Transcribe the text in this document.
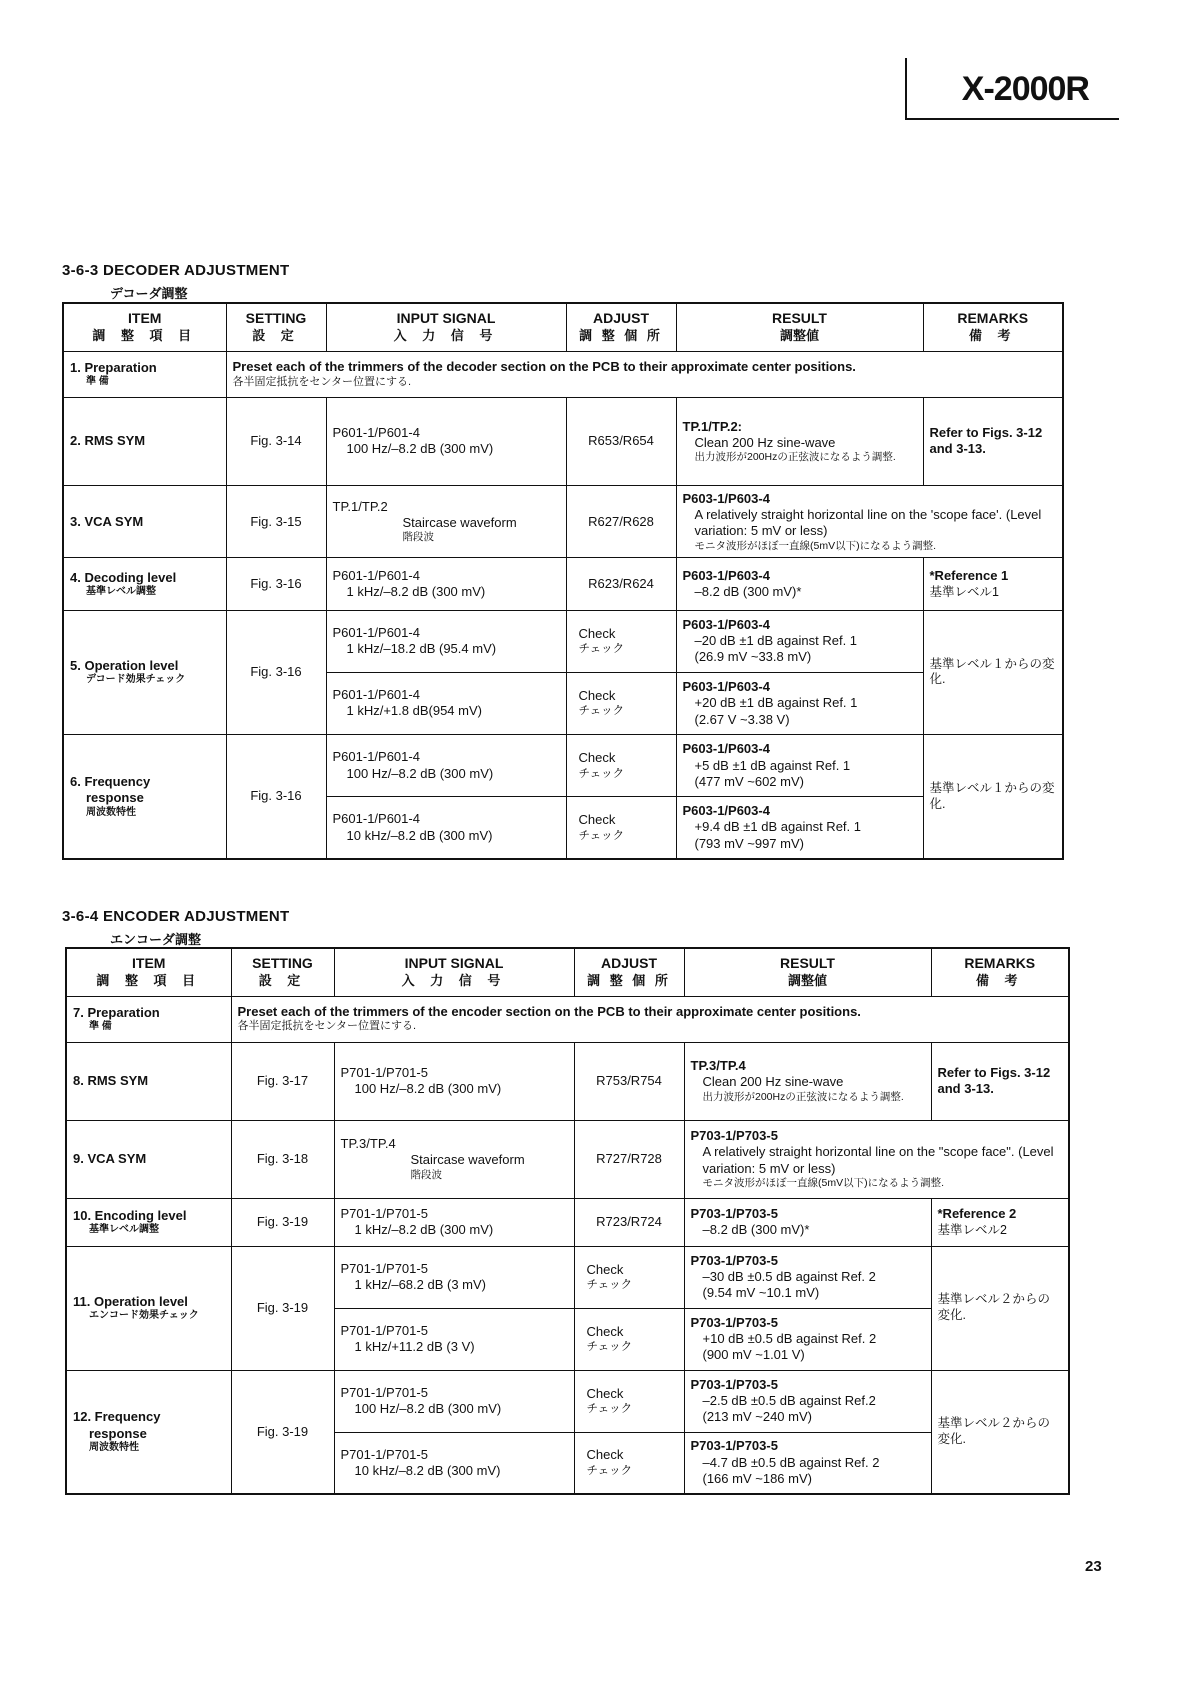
X-2000R
3-6-3 DECODER ADJUSTMENT
デコーダ調整
ITEM
調 整 項 目	SETTING
設 定	INPUT SIGNAL
入 力 信 号	ADJUST
調 整 個 所	RESULT
調整値	REMARKS
備 考

1. Preparation
準 備	Preset each of the trimmers of the decoder section on the PCB to their approximate center positions.
各半固定抵抗をセンター位置にする.				

2. RMS SYM	Fig. 3-14	P601-1/P601-4
100 Hz/–8.2 dB (300 mV)	R653/R654	TP.1/TP.2:
Clean 200 Hz sine-wave
出力波形が200Hzの正弦波になるよう調整.	Refer to Figs. 3-12 and 3-13.

3. VCA SYM	Fig. 3-15	TP.1/TP.2
Staircase waveform
階段波	R627/R628	P603-1/P603-4
A relatively straight horizontal line on the 'scope face'. (Level variation: 5 mV or less)
モニタ波形がほぼ一直線(5mV以下)になるよう調整.	

4. Decoding level
基準レベル調整	Fig. 3-16	P601-1/P601-4
1 kHz/–8.2 dB (300 mV)	R623/R624	P603-1/P603-4
–8.2 dB (300 mV)*	*Reference 1
基準レベル1

5. Operation level
デコード効果チェック	Fig. 3-16	P601-1/P601-4
1 kHz/–18.2 dB (95.4 mV)	Check
チェック	P603-1/P603-4
–20 dB ±1 dB against Ref. 1
(26.9 mV ~33.8 mV)	基準レベル１からの変化.

		P601-1/P601-4
1 kHz/+1.8 dB(954 mV)	Check
チェック	P603-1/P603-4
+20 dB ±1 dB against Ref. 1
(2.67 V ~3.38 V)	

6. Frequency
response
周波数特性	Fig. 3-16	P601-1/P601-4
100 Hz/–8.2 dB (300 mV)	Check
チェック	P603-1/P603-4
+5 dB ±1 dB against Ref. 1
(477 mV ~602 mV)	基準レベル１からの変化.

		P601-1/P601-4
10 kHz/–8.2 dB (300 mV)	Check
チェック	P603-1/P603-4
+9.4 dB ±1 dB against Ref. 1
(793 mV ~997 mV)	
3-6-4 ENCODER ADJUSTMENT
エンコーダ調整
ITEM
調 整 項 目	SETTING
設 定	INPUT SIGNAL
入 力 信 号	ADJUST
調 整 個 所	RESULT
調整値	REMARKS
備 考

7. Preparation
準 備	Preset each of the trimmers of the encoder section on the PCB to their approximate center positions.
各半固定抵抗をセンター位置にする.				

8. RMS SYM	Fig. 3-17	P701-1/P701-5
100 Hz/–8.2 dB (300 mV)	R753/R754	TP.3/TP.4
Clean 200 Hz sine-wave
出力波形が200Hzの正弦波になるよう調整.	Refer to Figs. 3-12 and 3-13.

9. VCA SYM	Fig. 3-18	TP.3/TP.4
Staircase waveform
階段波	R727/R728	P703-1/P703-5
A relatively straight horizontal line on the "scope face". (Level variation: 5 mV or less)
モニタ波形がほぼ一直線(5mV以下)になるよう調整.	

10. Encoding level
基準レベル調整	Fig. 3-19	P701-1/P701-5
1 kHz/–8.2 dB (300 mV)	R723/R724	P703-1/P703-5
–8.2 dB (300 mV)*	*Reference 2
基準レベル2

11. Operation level
エンコード効果チェック	Fig. 3-19	P701-1/P701-5
1 kHz/–68.2 dB (3 mV)	Check
チェック	P703-1/P703-5
–30 dB ±0.5 dB against Ref. 2
(9.54 mV ~10.1 mV)	基準レベル２からの変化.

		P701-1/P701-5
1 kHz/+11.2 dB (3 V)	Check
チェック	P703-1/P703-5
+10 dB ±0.5 dB against Ref. 2
(900 mV ~1.01 V)	

12. Frequency
response
周波数特性	Fig. 3-19	P701-1/P701-5
100 Hz/–8.2 dB (300 mV)	Check
チェック	P703-1/P703-5
–2.5 dB ±0.5 dB against Ref.2
(213 mV ~240 mV)	基準レベル２からの変化.

		P701-1/P701-5
10 kHz/–8.2 dB (300 mV)	Check
チェック	P703-1/P703-5
–4.7 dB ±0.5 dB against Ref. 2
(166 mV ~186 mV)	
23
